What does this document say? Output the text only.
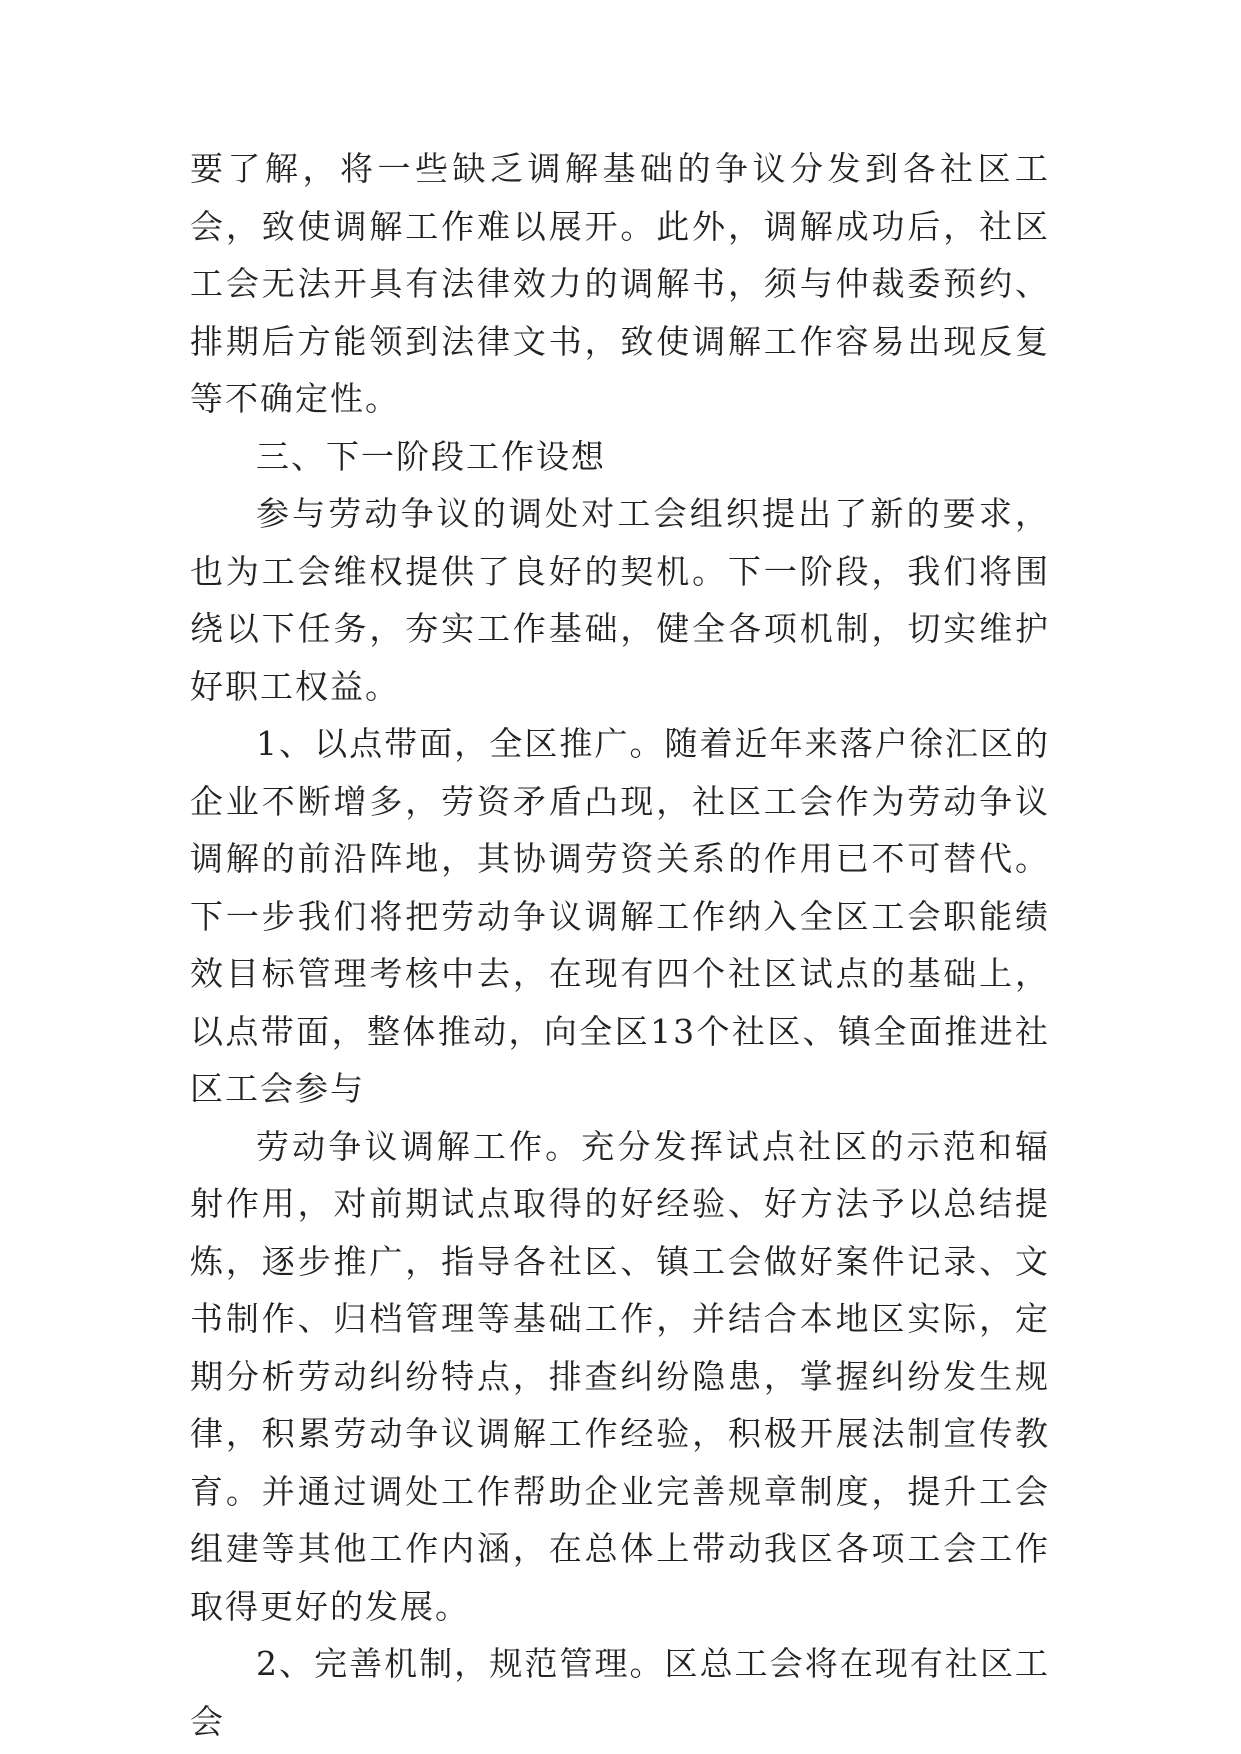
要了解，将一些缺乏调解基础的争议分发到各社区工会，致使调解工作难以展开。此外，调解成功后，社区工会无法开具有法律效力的调解书，须与仲裁委预约、排期后方能领到法律文书，致使调解工作容易出现反复等不确定性。

三、下一阶段工作设想

参与劳动争议的调处对工会组织提出了新的要求，也为工会维权提供了良好的契机。下一阶段，我们将围绕以下任务，夯实工作基础，健全各项机制，切实维护好职工权益。

1、以点带面，全区推广。随着近年来落户徐汇区的企业不断增多，劳资矛盾凸现，社区工会作为劳动争议调解的前沿阵地，其协调劳资关系的作用已不可替代。下一步我们将把劳动争议调解工作纳入全区工会职能绩效目标管理考核中去，在现有四个社区试点的基础上，以点带面，整体推动，向全区13个社区、镇全面推进社区工会参与

劳动争议调解工作。充分发挥试点社区的示范和辐射作用，对前期试点取得的好经验、好方法予以总结提炼，逐步推广，指导各社区、镇工会做好案件记录、文书制作、归档管理等基础工作，并结合本地区实际，定期分析劳动纠纷特点，排查纠纷隐患，掌握纠纷发生规律，积累劳动争议调解工作经验，积极开展法制宣传教育。并通过调处工作帮助企业完善规章制度，提升工会组建等其他工作内涵，在总体上带动我区各项工会工作取得更好的发展。

2、完善机制，规范管理。区总工会将在现有社区工会
